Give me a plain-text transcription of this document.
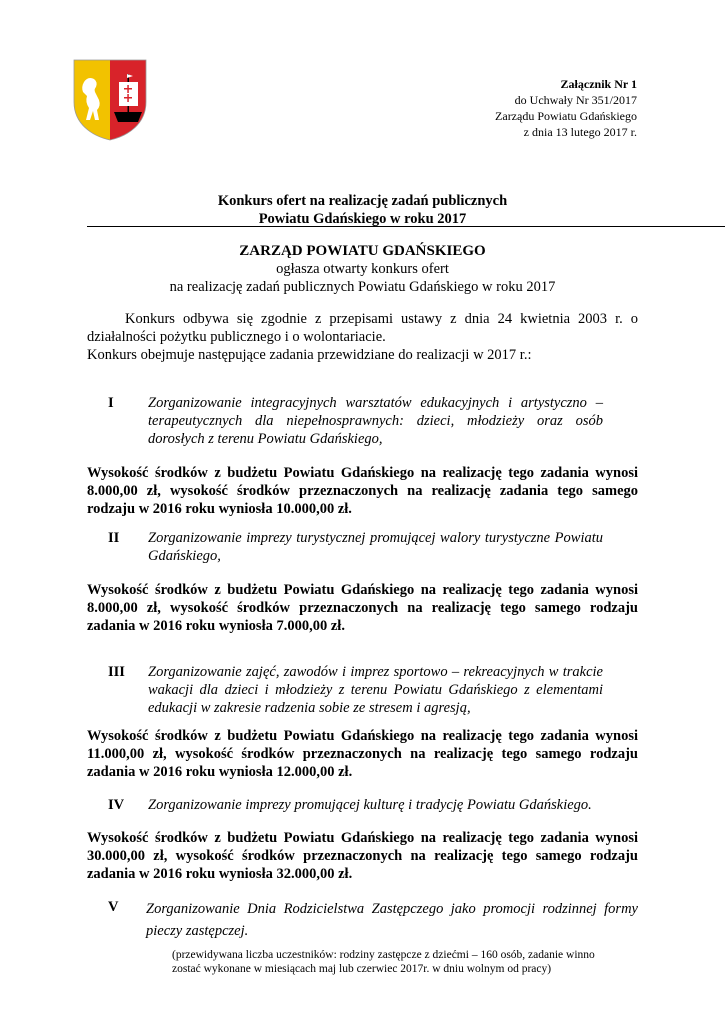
Załącznik Nr 1
do Uchwały Nr 351/2017
Zarządu Powiatu Gdańskiego
z dnia 13 lutego 2017 r.
Konkurs ofert na realizację zadań publicznych
Powiatu Gdańskiego w roku 2017
ZARZĄD POWIATU GDAŃSKIEGO
ogłasza otwarty konkurs ofert
na realizację zadań publicznych Powiatu Gdańskiego w roku 2017

Konkurs odbywa się zgodnie z przepisami ustawy z dnia 24 kwietnia 2003 r. o działalności pożytku publicznego i o wolontariacie.

Konkurs obejmuje następujące zadania przewidziane do realizacji w 2017 r.:

I Zorganizowanie integracyjnych warsztatów edukacyjnych i artystyczno – terapeutycznych dla niepełnosprawnych: dzieci, młodzieży oraz osób dorosłych z terenu Powiatu Gdańskiego,
Wysokość środków z budżetu Powiatu Gdańskiego na realizację tego zadania wynosi 8.000,00 zł, wysokość środków przeznaczonych na realizację zadania tego samego rodzaju w 2016 roku wyniosła 10.000,00 zł.
II Zorganizowanie imprezy turystycznej promującej walory turystyczne Powiatu Gdańskiego,
Wysokość środków z budżetu Powiatu Gdańskiego na realizację tego zadania wynosi 8.000,00 zł, wysokość środków przeznaczonych na realizację tego samego rodzaju zadania w 2016 roku wyniosła 7.000,00 zł.
III Zorganizowanie zajęć, zawodów i imprez sportowo – rekreacyjnych w trakcie wakacji dla dzieci i młodzieży z terenu Powiatu Gdańskiego z elementami edukacji w zakresie radzenia sobie ze stresem i agresją,
Wysokość środków z budżetu Powiatu Gdańskiego na realizację tego zadania wynosi 11.000,00 zł, wysokość środków przeznaczonych na realizację tego samego rodzaju zadania w 2016 roku wyniosła 12.000,00 zł.
IV Zorganizowanie imprezy promującej kulturę i tradycję Powiatu Gdańskiego.
Wysokość środków z budżetu Powiatu Gdańskiego na realizację tego zadania wynosi 30.000,00 zł, wysokość środków przeznaczonych na realizację tego samego rodzaju zadania w 2016 roku wyniosła 32.000,00 zł.
V Zorganizowanie Dnia Rodzicielstwa Zastępczego jako promocji rodzinnej formy pieczy zastępczej.
(przewidywana liczba uczestników: rodziny zastępcze z dziećmi – 160 osób, zadanie winno zostać wykonane w miesiącach maj lub czerwiec 2017r. w dniu wolnym od pracy)
